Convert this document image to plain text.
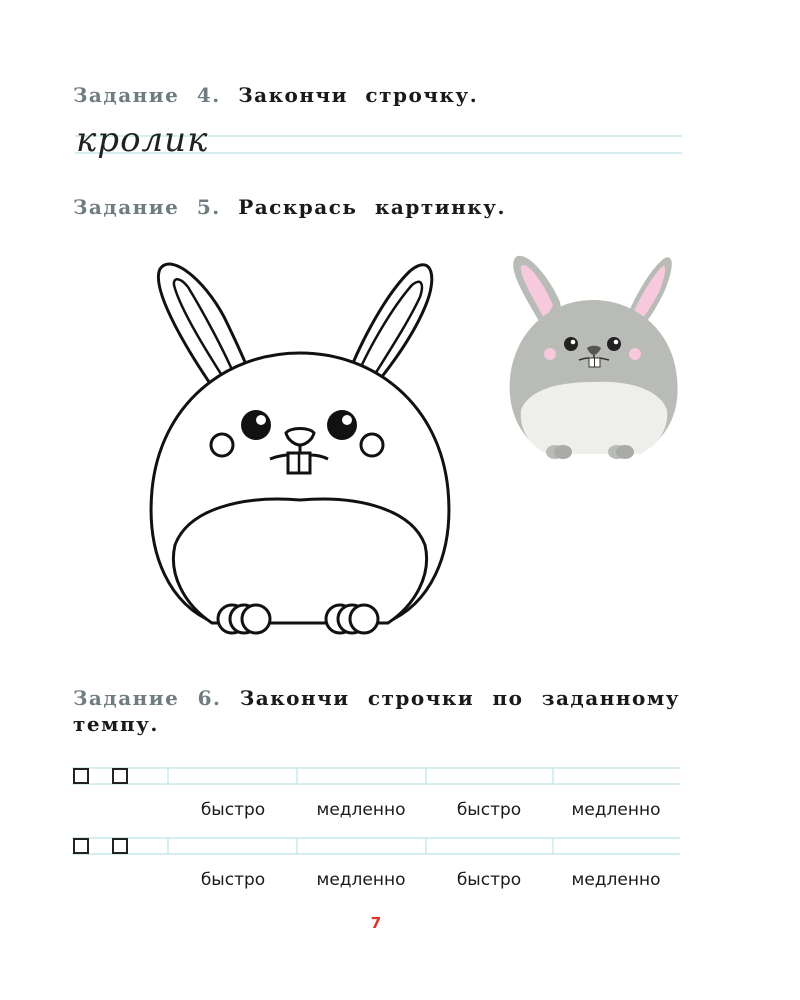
Задание 4. Закончи строчку.
кролик
Задание 5. Раскрась картинку.
Задание 6. Закончи строчки по заданному темпу.
быстро	медленно	быстро	медленно
быстро	медленно	быстро	медленно
7
